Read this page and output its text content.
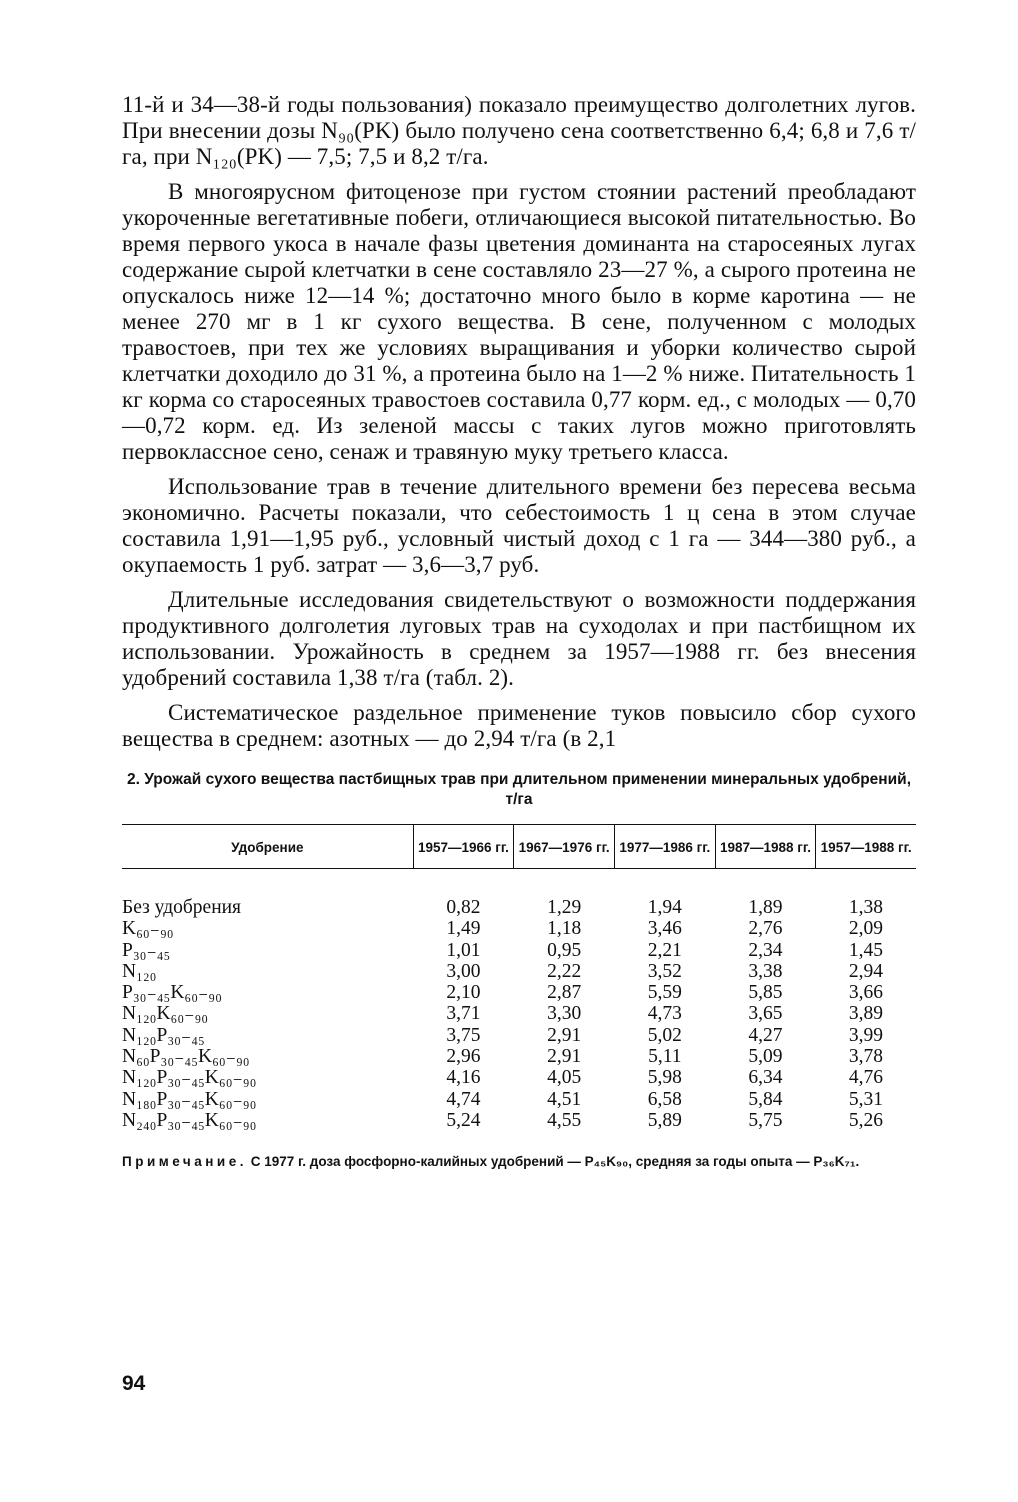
11-й и 34—38-й годы пользования) показало преимущество долголетних лугов. При внесении дозы N₉₀(PK) было получено сена соответственно 6,4; 6,8 и 7,6 т/га, при N₁₂₀(PK) — 7,5; 7,5 и 8,2 т/га.

В многоярусном фитоценозе при густом стоянии растений преобладают укороченные вегетативные побеги, отличающиеся высокой питательностью. Во время первого укоса в начале фазы цветения доминанта на старосеяных лугах содержание сырой клетчатки в сене составляло 23—27 %, а сырого протеина не опускалось ниже 12—14 %; достаточно много было в корме каротина — не менее 270 мг в 1 кг сухого вещества. В сене, полученном с молодых травостоев, при тех же условиях выращивания и уборки количество сырой клетчатки доходило до 31 %, а протеина было на 1—2 % ниже. Питательность 1 кг корма со старосеяных травостоев составила 0,77 корм. ед., с молодых — 0,70—0,72 корм. ед. Из зеленой массы с таких лугов можно приготовлять первоклассное сено, сенаж и травяную муку третьего класса.

Использование трав в течение длительного времени без пересева весьма экономично. Расчеты показали, что себестоимость 1 ц сена в этом случае составила 1,91—1,95 руб., условный чистый доход с 1 га — 344—380 руб., а окупаемость 1 руб. затрат — 3,6—3,7 руб.

Длительные исследования свидетельствуют о возможности поддержания продуктивного долголетия луговых трав на суходолах и при пастбищном их использовании. Урожайность в среднем за 1957—1988 гг. без внесения удобрений составила 1,38 т/га (табл. 2).

Систематическое раздельное применение туков повысило сбор сухого вещества в среднем: азотных — до 2,94 т/га (в 2,1

2. Урожай сухого вещества пастбищных трав при длительном применении минеральных удобрений, т/га
Удобрение	1957—1966 гг.	1967—1976 гг.	1977—1986 гг.	1987—1988 гг.	1957—1988 гг.
Без удобрения	0,82	1,29	1,94	1,89	1,38
K₆₀₋₉₀	1,49	1,18	3,46	2,76	2,09
P₃₀₋₄₅	1,01	0,95	2,21	2,34	1,45
N₁₂₀	3,00	2,22	3,52	3,38	2,94
P₃₀₋₄₅K₆₀₋₉₀	2,10	2,87	5,59	5,85	3,66
N₁₂₀K₆₀₋₉₀	3,71	3,30	4,73	3,65	3,89
N₁₂₀P₃₀₋₄₅	3,75	2,91	5,02	4,27	3,99
N₆₀P₃₀₋₄₅K₆₀₋₉₀	2,96	2,91	5,11	5,09	3,78
N₁₂₀P₃₀₋₄₅K₆₀₋₉₀	4,16	4,05	5,98	6,34	4,76
N₁₈₀P₃₀₋₄₅K₆₀₋₉₀	4,74	4,51	6,58	5,84	5,31
N₂₄₀P₃₀₋₄₅K₆₀₋₉₀	5,24	4,55	5,89	5,75	5,26
Примечание. С 1977 г. доза фосфорно-калийных удобрений — P₄₅K₉₀, средняя за годы опыта — P₃₆K₇₁.
94
